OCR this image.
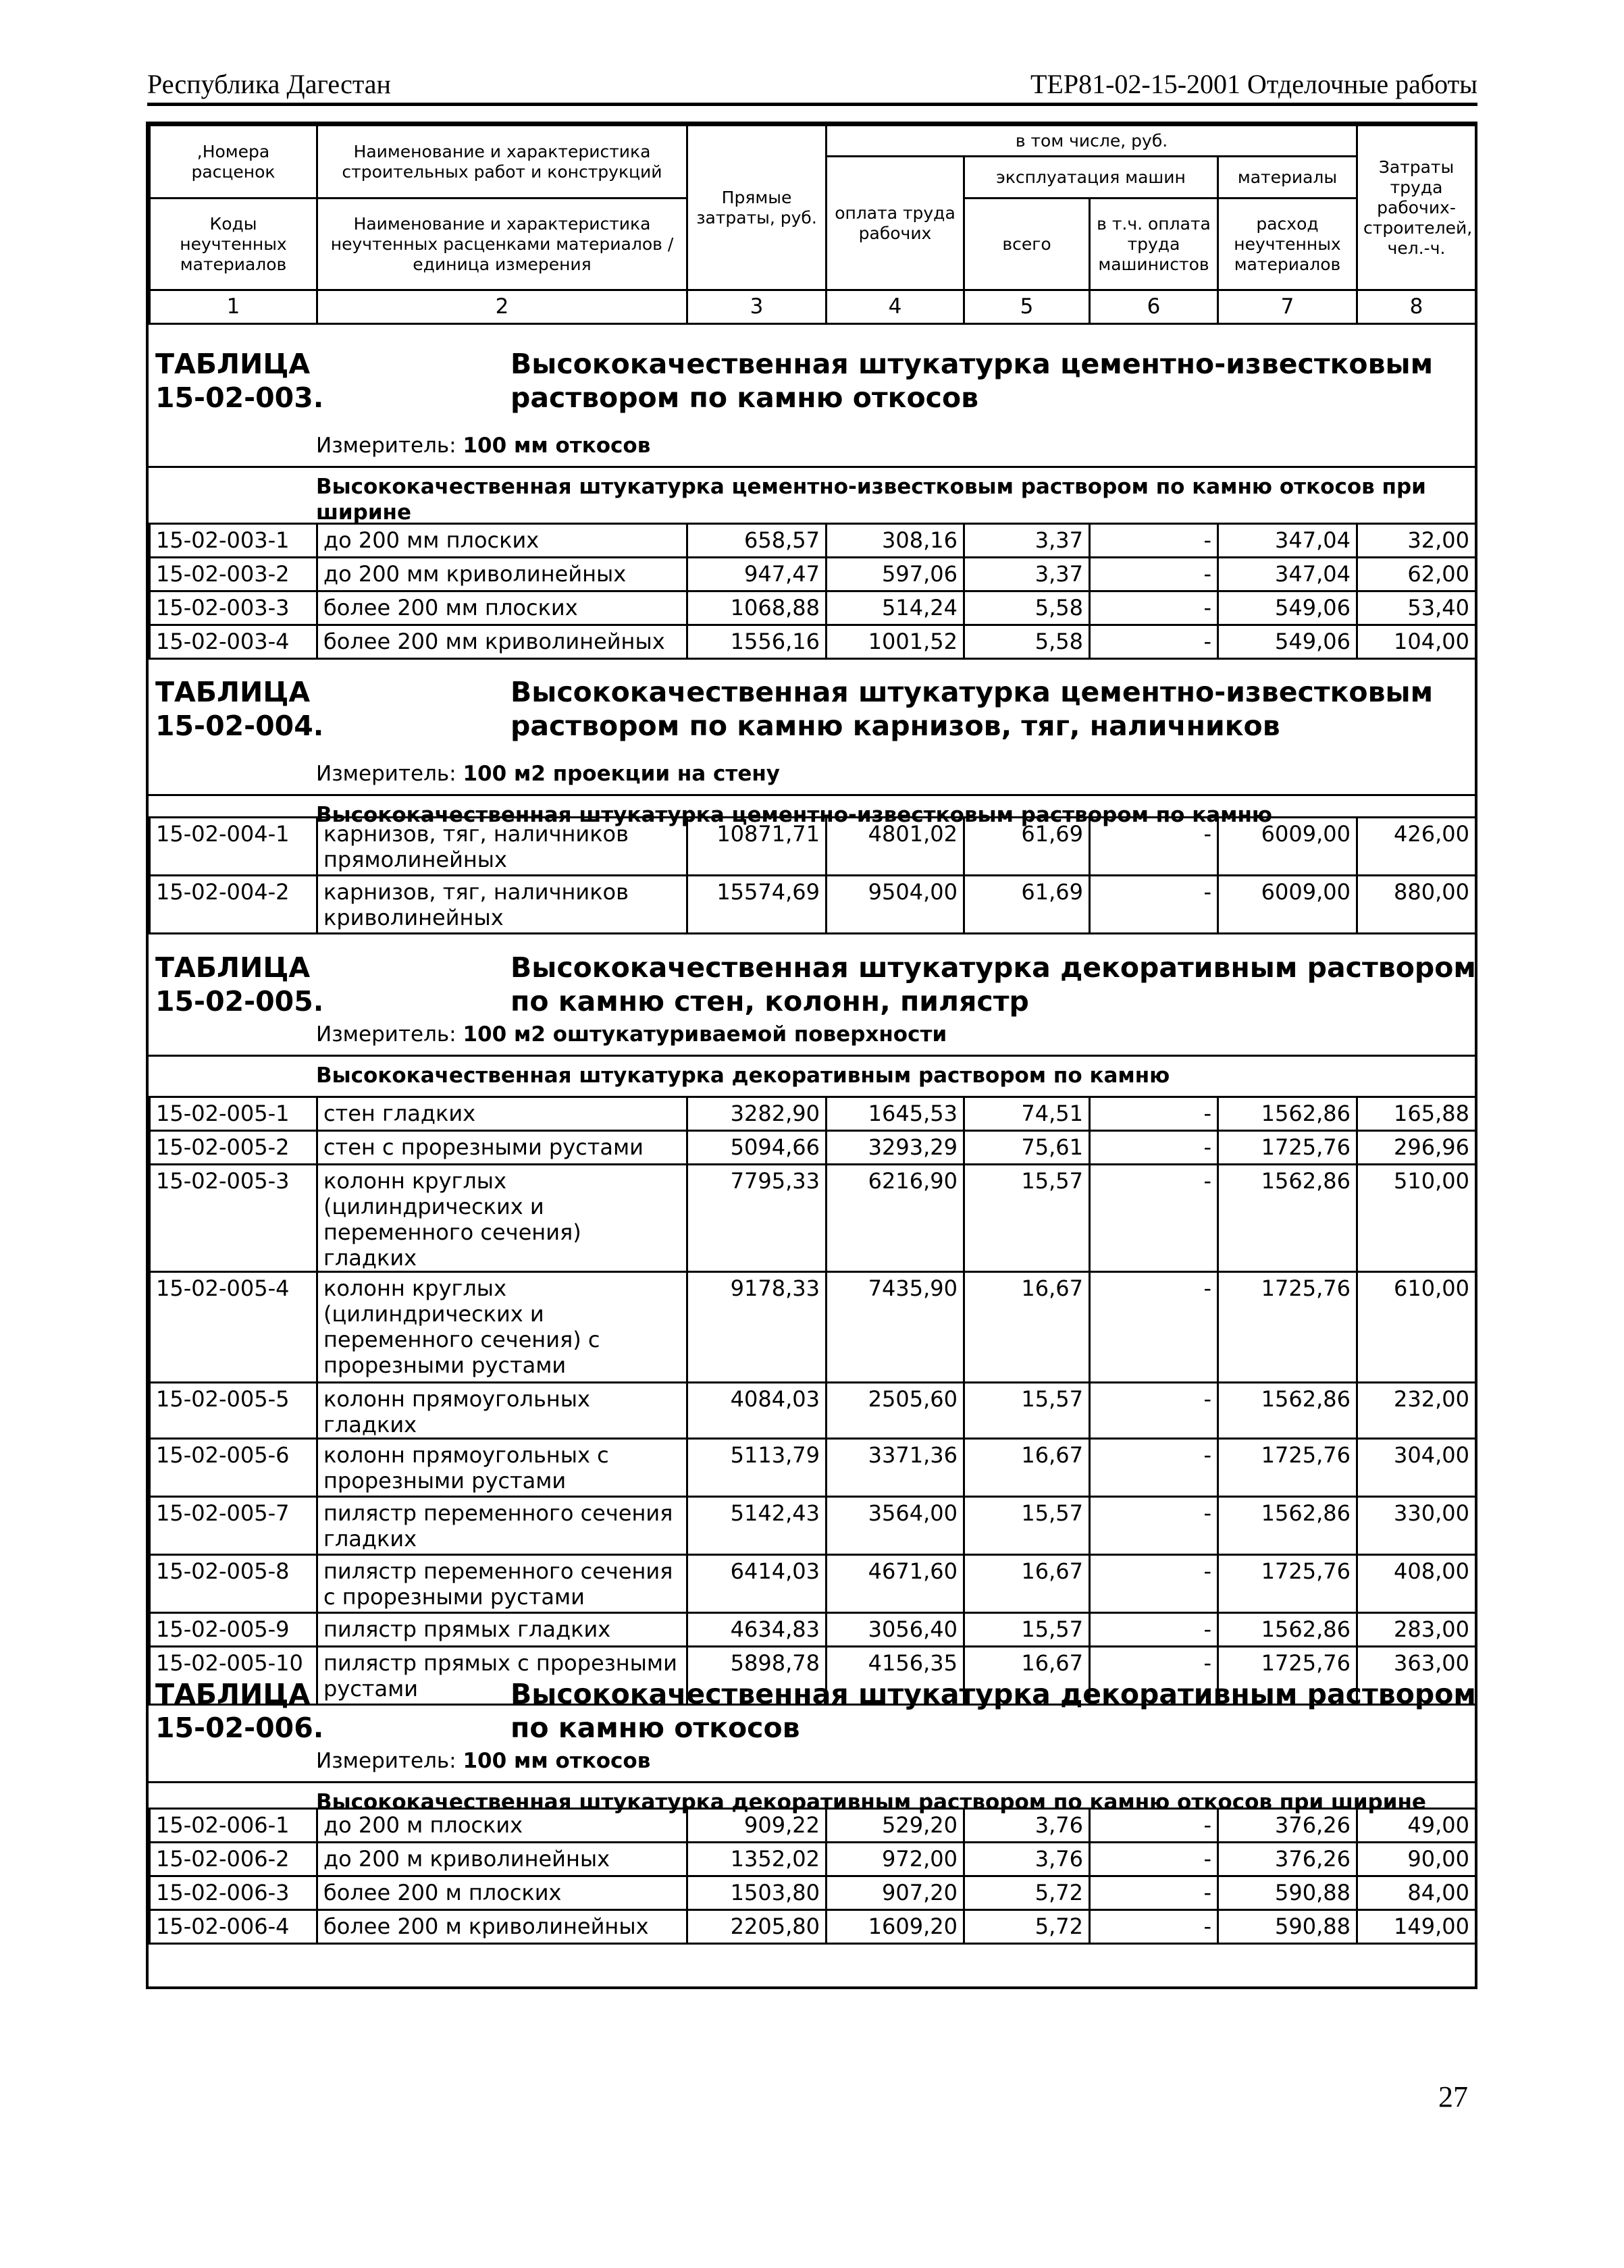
Республика Дагестан	ТЕР81-02-15-2001 Отделочные работы
,Номера расценок	Наименование и характеристика строительных работ и конструкций	Прямые затраты, руб.	в том числе, руб.				Затраты труда рабочих-строителей, чел.-ч.
			оплата труда рабочих	эксплуатация машин		материалы	

Коды неучтенных материалов	Наименование и характеристика неучтенных расценками материалов / единица измерения			всего	в т.ч. оплата труда машинистов	расход неучтенных материалов	

1	2	3	4	5	6	7	8
ТАБЛИЦА 15-02-003.
Высококачественная штукатурка цементно-известковым раствором по камню откосов
Измеритель: 100 мм откосов
Высококачественная штукатурка цементно-известковым раствором по камню откосов при ширине
15-02-003-1	до 200 мм плоских	658,57	308,16	3,37	-	347,04	32,00
15-02-003-2	до 200 мм криволинейных	947,47	597,06	3,37	-	347,04	62,00
15-02-003-3	более 200 мм плоских	1068,88	514,24	5,58	-	549,06	53,40
15-02-003-4	более 200 мм криволинейных	1556,16	1001,52	5,58	-	549,06	104,00
ТАБЛИЦА 15-02-004.
Высококачественная штукатурка цементно-известковым раствором по камню карнизов, тяг, наличников
Измеритель: 100 м2 проекции на стену
Высококачественная штукатурка цементно-известковым раствором по камню
15-02-004-1	карнизов, тяг, наличников прямолинейных	10871,71	4801,02	61,69	-	6009,00	426,00
15-02-004-2	карнизов, тяг, наличников криволинейных	15574,69	9504,00	61,69	-	6009,00	880,00
ТАБЛИЦА 15-02-005.
Высококачественная штукатурка декоративным раствором по камню стен, колонн, пилястр
Измеритель: 100 м2 оштукатуриваемой поверхности
Высококачественная штукатурка декоративным раствором по камню
15-02-005-1	стен гладких	3282,90	1645,53	74,51	-	1562,86	165,88
15-02-005-2	стен с прорезными рустами	5094,66	3293,29	75,61	-	1725,76	296,96
15-02-005-3	колонн круглых (цилиндрических и переменного сечения) гладких	7795,33	6216,90	15,57	-	1562,86	510,00
15-02-005-4	колонн круглых (цилиндрических и переменного сечения) с прорезными рустами	9178,33	7435,90	16,67	-	1725,76	610,00
15-02-005-5	колонн прямоугольных гладких	4084,03	2505,60	15,57	-	1562,86	232,00
15-02-005-6	колонн прямоугольных с прорезными рустами	5113,79	3371,36	16,67	-	1725,76	304,00
15-02-005-7	пилястр переменного сечения гладких	5142,43	3564,00	15,57	-	1562,86	330,00
15-02-005-8	пилястр переменного сечения с прорезными рустами	6414,03	4671,60	16,67	-	1725,76	408,00
15-02-005-9	пилястр прямых гладких	4634,83	3056,40	15,57	-	1562,86	283,00
15-02-005-10	пилястр прямых с прорезными рустами	5898,78	4156,35	16,67	-	1725,76	363,00
ТАБЛИЦА 15-02-006.
Высококачественная штукатурка декоративным раствором по камню откосов
Измеритель: 100 мм откосов
Высококачественная штукатурка декоративным раствором по камню откосов при ширине
15-02-006-1	до 200 м плоских	909,22	529,20	3,76	-	376,26	49,00
15-02-006-2	до 200 м криволинейных	1352,02	972,00	3,76	-	376,26	90,00
15-02-006-3	более 200 м плоских	1503,80	907,20	5,72	-	590,88	84,00
15-02-006-4	более 200 м криволинейных	2205,80	1609,20	5,72	-	590,88	149,00
27
